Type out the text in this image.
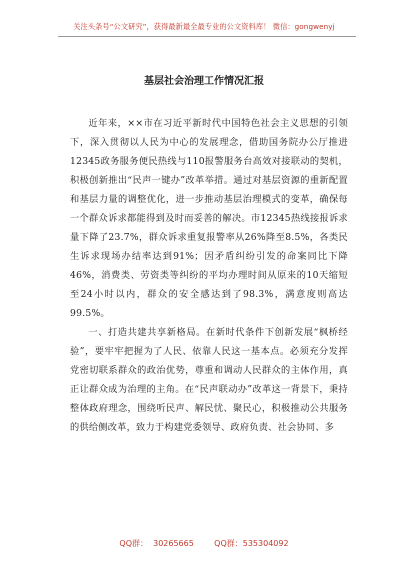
关注头条号“公文研究”，获得最新最全最专业的公文资料库！ 微信：gongwenyj
基层社会治理工作情况汇报

近年来，××市在习近平新时代中国特色社会主义思想的引领下，深入贯彻以人民为中心的发展理念，借助国务院办公厅推进12345政务服务便民热线与110报警服务台高效对接联动的契机，积极创新推出“民声一键办”改革举措。通过对基层资源的重新配置和基层力量的调整优化，进一步推动基层治理模式的变革，确保每一个群众诉求都能得到及时而妥善的解决。市12345热线接报诉求量下降了23.7%，群众诉求重复报警率从26%降至8.5%，各类民生诉求现场办结率达到91%；因矛盾纠纷引发的命案同比下降46%，消费类、劳资类等纠纷的平均办理时间从原来的10天缩短至24小时以内，群众的安全感达到了98.3%，满意度则高达99.5%。

一、打造共建共享新格局。在新时代条件下创新发展“枫桥经验”，要牢牢把握为了人民、依靠人民这一基本点。必须充分发挥党密切联系群众的政治优势，尊重和调动人民群众的主体作用，真正让群众成为治理的主角。在“民声联动办”改革这一背景下，秉持整体政府理念，围绕听民声、解民忧、聚民心，积极推动公共服务的供给侧改革，致力于构建党委领导、政府负责、社会协同、多

QQ群：  30265665        QQ群：535304092
